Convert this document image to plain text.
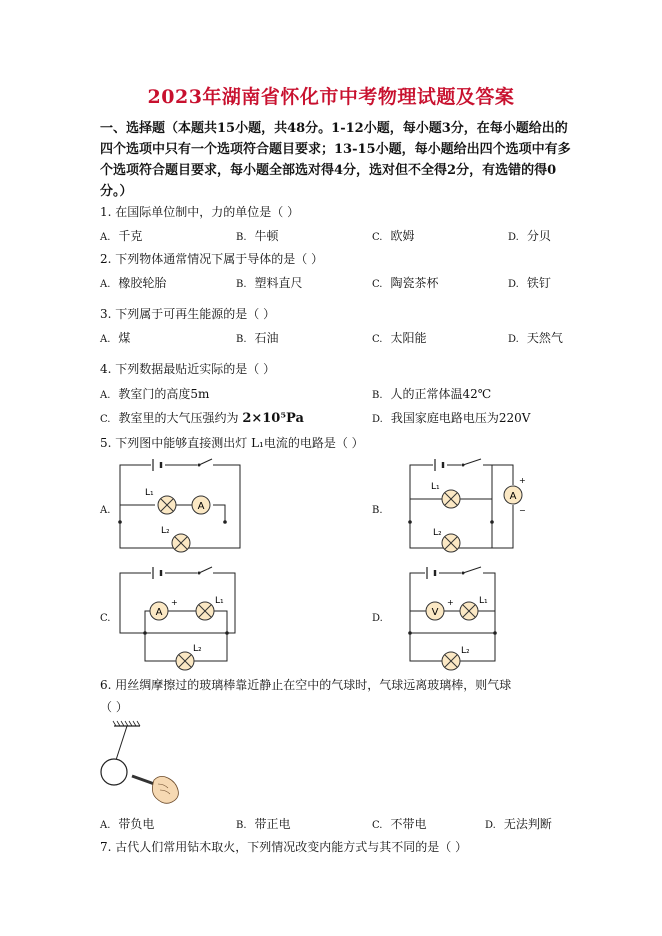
2023年湖南省怀化市中考物理试题及答案
一、选择题（本题共15小题，共48分。1-12小题，每小题3分，在每小题给出的四个选项中只有一个选项符合题目要求；13-15小题，每小题给出四个选项中有多个选项符合题目要求，每小题全部选对得4分，选对但不全得2分，有选错的得0分。）
1. 在国际单位制中，力的单位是（ ）
A. 千克	B. 牛顿	C. 欧姆	D. 分贝
2. 下列物体通常情况下属于导体的是（ ）
A. 橡胶轮胎	B. 塑料直尺	C. 陶瓷茶杯	D. 铁钉
3. 下列属于可再生能源的是（ ）
A. 煤	B. 石油	C. 太阳能	D. 天然气
4. 下列数据最贴近实际的是（ ）
A. 教室门的高度5m	B. 人的正常体温42℃
C. 教室里的大气压强约为 2×10⁵Pa	D. 我国家庭电路电压为220V
5. 下列图中能够直接测出灯 L₁电流的电路是（ ）
A.	B.
C.	D.
A
L₁
L₂
A
+
−
L₁
L₂
A
+	L₁
L₂
V
+	L₁
L₂
6. 用丝绸摩擦过的玻璃棒靠近静止在空中的气球时，气球远离玻璃棒，则气球
（ ）
A. 带负电	B. 带正电	C. 不带电	D. 无法判断
7. 古代人们常用钻木取火，下列情况改变内能方式与其不同的是（ ）
